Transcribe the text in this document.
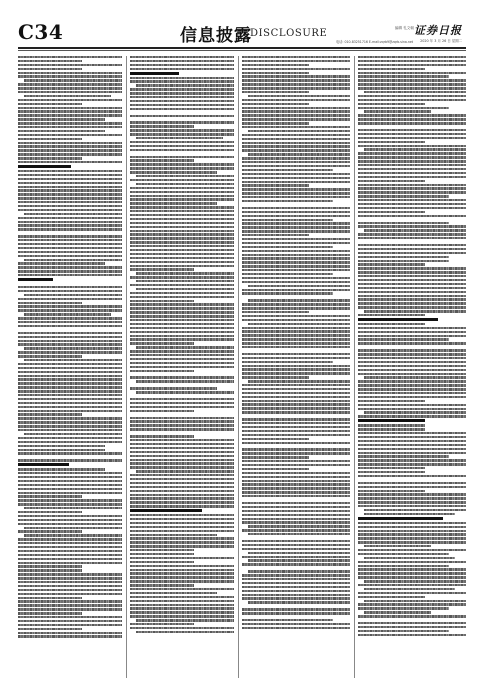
C34	信息披露
DISCLOSURE	编辑 孔文朝 证券日报
电话: 010-83251716 E-mail:zqrb9@zqrb.sina.net 2020 年 3 月 26 日 星期二
